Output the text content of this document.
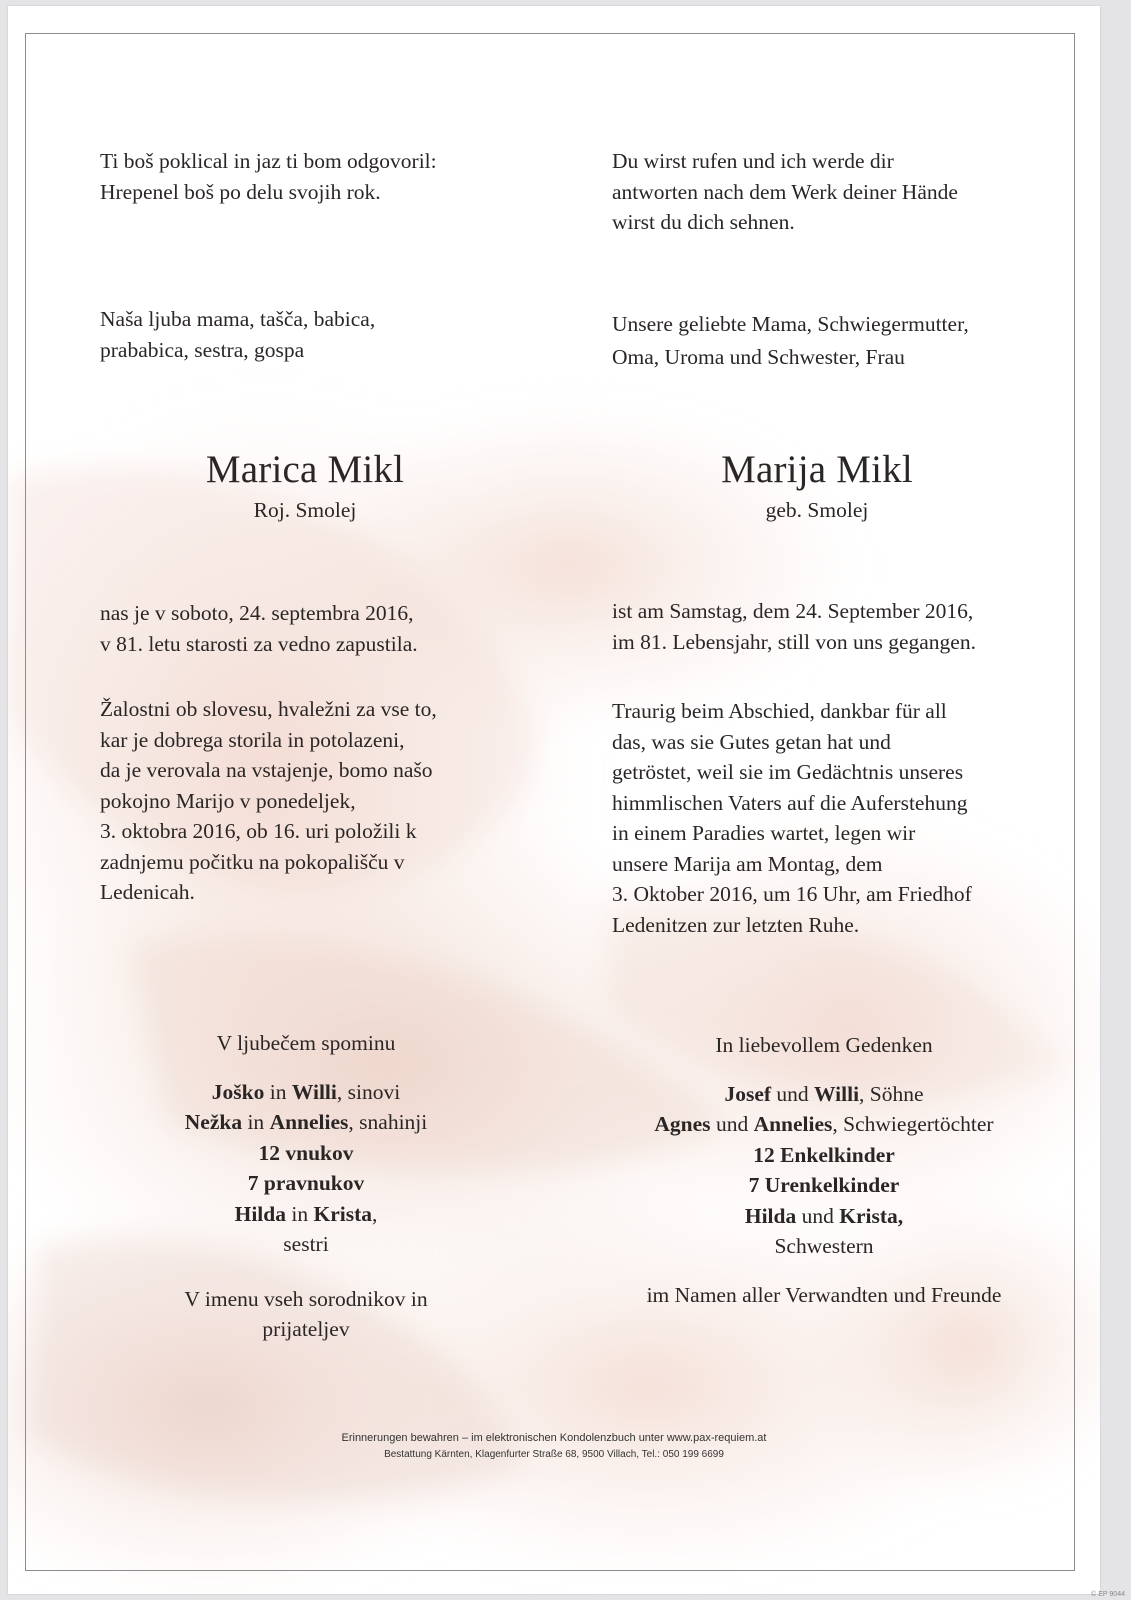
Ti boš poklical in jaz ti bom odgovoril:
Hrepenel boš po delu svojih rok.
Du wirst rufen und ich werde dir
antworten nach dem Werk deiner Hände
wirst du dich sehnen.
Naša ljuba mama, tašča, babica,
prababica, sestra, gospa
Unsere geliebte Mama, Schwiegermutter,
Oma, Uroma und Schwester, Frau
Marica Mikl
Roj. Smolej
Marija Mikl
geb. Smolej
nas je v soboto, 24. septembra 2016,
v 81. letu starosti za vedno zapustila.
ist am Samstag, dem 24. September 2016,
im 81. Lebensjahr, still von uns gegangen.
Žalostni ob slovesu, hvaležni za vse to,
kar je dobrega storila in potolazeni,
da je verovala na vstajenje, bomo našo
pokojno Marijo v ponedeljek,
3. oktobra 2016, ob 16. uri položili k
zadnjemu počitku na pokopališču v
Ledenicah.
Traurig beim Abschied, dankbar für all
das, was sie Gutes getan hat und
getröstet, weil sie im Gedächtnis unseres
himmlischen Vaters auf die Auferstehung
in einem Paradies wartet, legen wir
unsere Marija am Montag, dem
3. Oktober 2016, um 16 Uhr, am Friedhof
Ledenitzen zur letzten Ruhe.
V ljubečem spominu
Joško in Willi, sinovi
Nežka in Annelies, snahinji
12 vnukov
7 pravnukov
Hilda in Krista,
sestri
V imenu vseh sorodnikov in
prijateljev
In liebevollem Gedenken
Josef und Willi, Söhne
Agnes und Annelies, Schwiegertöchter
12 Enkelkinder
7 Urenkelkinder
Hilda und Krista,
Schwestern
im Namen aller Verwandten und Freunde
Erinnerungen bewahren – im elektronischen Kondolenzbuch unter www.pax-requiem.at
Bestattung Kärnten, Klagenfurter Straße 68, 9500 Villach, Tel.: 050 199 6699
© EP 9044
